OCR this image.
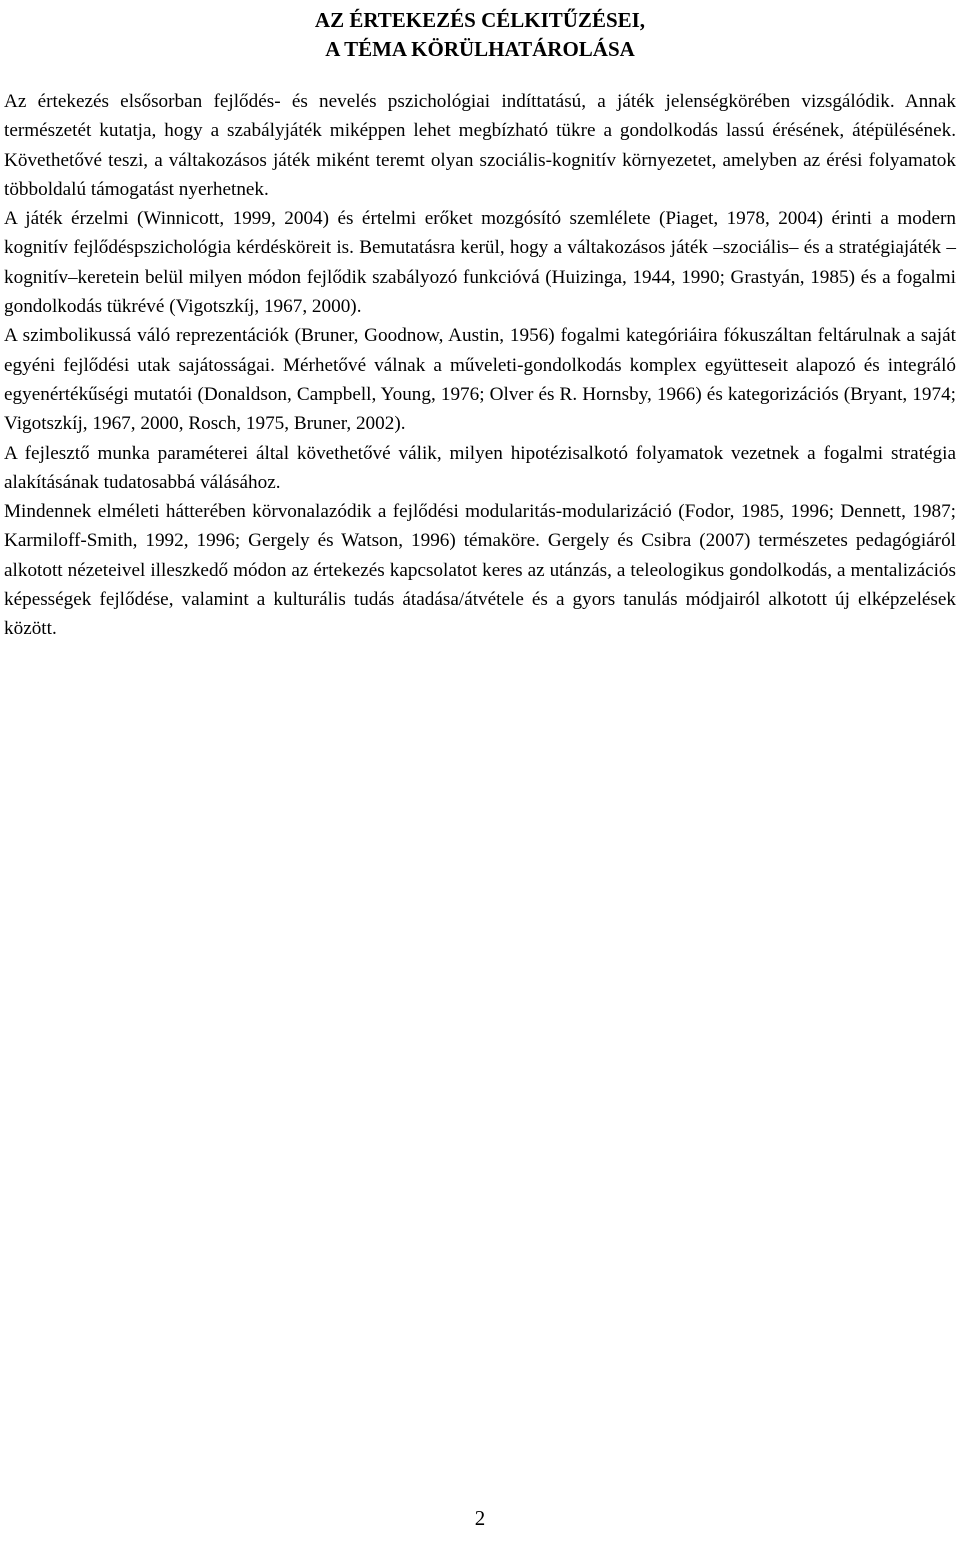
AZ ÉRTEKEZÉS CÉLKITŰZÉSEI,
A TÉMA KÖRÜLHATÁROLÁSA

Az értekezés elsősorban fejlődés- és nevelés pszichológiai indíttatású, a játék jelenségkörében vizsgálódik. Annak természetét kutatja, hogy a szabályjáték miképpen lehet megbízható tükre a gondolkodás lassú érésének, átépülésének. Követhetővé teszi, a váltakozásos játék miként teremt olyan szociális-kognitív környezetet, amelyben az érési folyamatok többoldalú támogatást nyerhetnek.

A játék érzelmi (Winnicott, 1999, 2004) és értelmi erőket mozgósító szemlélete (Piaget, 1978, 2004) érinti a modern kognitív fejlődéspszichológia kérdésköreit is. Bemutatásra kerül, hogy a váltakozásos játék –szociális– és a stratégiajáték –kognitív–keretein belül milyen módon fejlődik szabályozó funkcióvá (Huizinga, 1944, 1990; Grastyán, 1985) és a fogalmi gondolkodás tükrévé (Vigotszkíj, 1967, 2000).

A szimbolikussá váló reprezentációk (Bruner, Goodnow, Austin, 1956) fogalmi kategóriáira fókuszáltan feltárulnak a saját egyéni fejlődési utak sajátosságai. Mérhetővé válnak a műveleti-gondolkodás komplex együtteseit alapozó és integráló egyenértékűségi mutatói (Donaldson, Campbell, Young, 1976; Olver és R. Hornsby, 1966) és kategorizációs (Bryant, 1974; Vigotszkíj, 1967, 2000, Rosch, 1975, Bruner, 2002).

A fejlesztő munka paraméterei által követhetővé válik, milyen hipotézisalkotó folyamatok vezetnek a fogalmi stratégia alakításának tudatosabbá válásához.

Mindennek elméleti hátterében körvonalazódik a fejlődési modularitás-modularizáció (Fodor, 1985, 1996; Dennett, 1987; Karmiloff-Smith, 1992, 1996; Gergely és Watson, 1996) témaköre. Gergely és Csibra (2007) természetes pedagógiáról alkotott nézeteivel illeszkedő módon az értekezés kapcsolatot keres az utánzás, a teleologikus gondolkodás, a mentalizációs képességek fejlődése, valamint a kulturális tudás átadása/átvétele és a gyors tanulás módjairól alkotott új elképzelések között.

2
